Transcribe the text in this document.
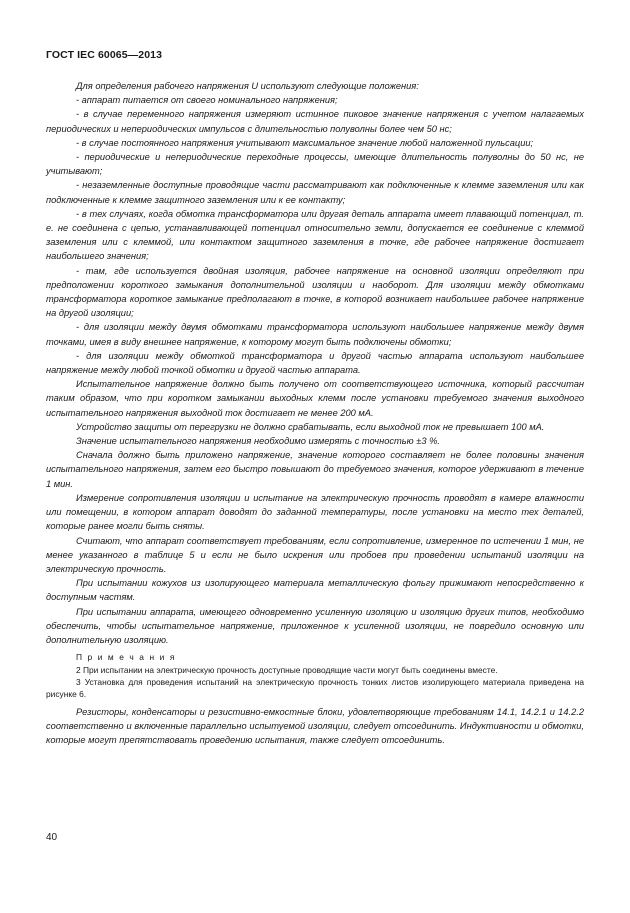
ГОСТ IEC 60065—2013

Для определения рабочего напряжения U используют следующие положения:

- аппарат питается от своего номинального напряжения;

- в случае переменного напряжения измеряют истинное пиковое значение напряжения с учетом налагаемых периодических и непериодических импульсов с длительностью полуволны более чем 50 нс;

- в случае постоянного напряжения учитывают максимальное значение любой наложенной пульсации;

- периодические и непериодические переходные процессы, имеющие длительность полуволны до 50 нс, не учитывают;

- незаземленные доступные проводящие части рассматривают как подключенные к клемме заземления или как подключенные к клемме защитного заземления или к ее контакту;

- в тех случаях, когда обмотка трансформатора или другая деталь аппарата имеет плавающий потенциал, т. е. не соединена с цепью, устанавливающей потенциал относительно земли, допускается ее соединение с клеммой заземления или с клеммой, или контактом защитного заземления в точке, где рабочее напряжение достигает наибольшего значения;

- там, где используется двойная изоляция, рабочее напряжение на основной изоляции определяют при предположении короткого замыкания дополнительной изоляции и наоборот. Для изоляции между обмотками трансформатора короткое замыкание предполагают в точке, в которой возникает наибольшее рабочее напряжение на другой изоляции;

- для изоляции между двумя обмотками трансформатора используют наибольшее напряжение между двумя точками, имея в виду внешнее напряжение, к которому могут быть подключены обмотки;

- для изоляции между обмоткой трансформатора и другой частью аппарата используют наибольшее напряжение между любой точкой обмотки и другой частью аппарата.

Испытательное напряжение должно быть получено от соответствующего источника, который рассчитан таким образом, что при коротком замыкании выходных клемм после установки требуемого значения выходного испытательного напряжения выходной ток достигает не менее 200 мА.

Устройство защиты от перегрузки не должно срабатывать, если выходной ток не превышает 100 мА.

Значение испытательного напряжения необходимо измерять с точностью ±3 %.

Сначала должно быть приложено напряжение, значение которого составляет не более половины значения испытательного напряжения, затем его быстро повышают до требуемого значения, которое удерживают в течение 1 мин.

Измерение сопротивления изоляции и испытание на электрическую прочность проводят в камере влажности или помещении, в котором аппарат доводят до заданной температуры, после установки на место тех деталей, которые ранее могли быть сняты.

Считают, что аппарат соответствует требованиям, если сопротивление, измеренное по истечении 1 мин, не менее указанного в таблице 5 и если не было искрения или пробоев при проведении испытаний изоляции на электрическую прочность.

При испытании кожухов из изолирующего материала металлическую фольгу прижимают непосредственно к доступным частям.

При испытании аппарата, имеющего одновременно усиленную изоляцию и изоляцию других типов, необходимо обеспечить, чтобы испытательное напряжение, приложенное к усиленной изоляции, не повредило основную или дополнительную изоляцию.

П р и м е ч а н и я

2 При испытании на электрическую прочность доступные проводящие части могут быть соединены вместе.

3 Установка для проведения испытаний на электрическую прочность тонких листов изолирующего материала приведена на рисунке 6.

Резисторы, конденсаторы и резистивно-емкостные блоки, удовлетворяющие требованиям 14.1, 14.2.1 и 14.2.2 соответственно и включенные параллельно испытуемой изоляции, следует отсоединить. Индуктивности и обмотки, которые могут препятствовать проведению испытания, также следует отсоединить.

40
